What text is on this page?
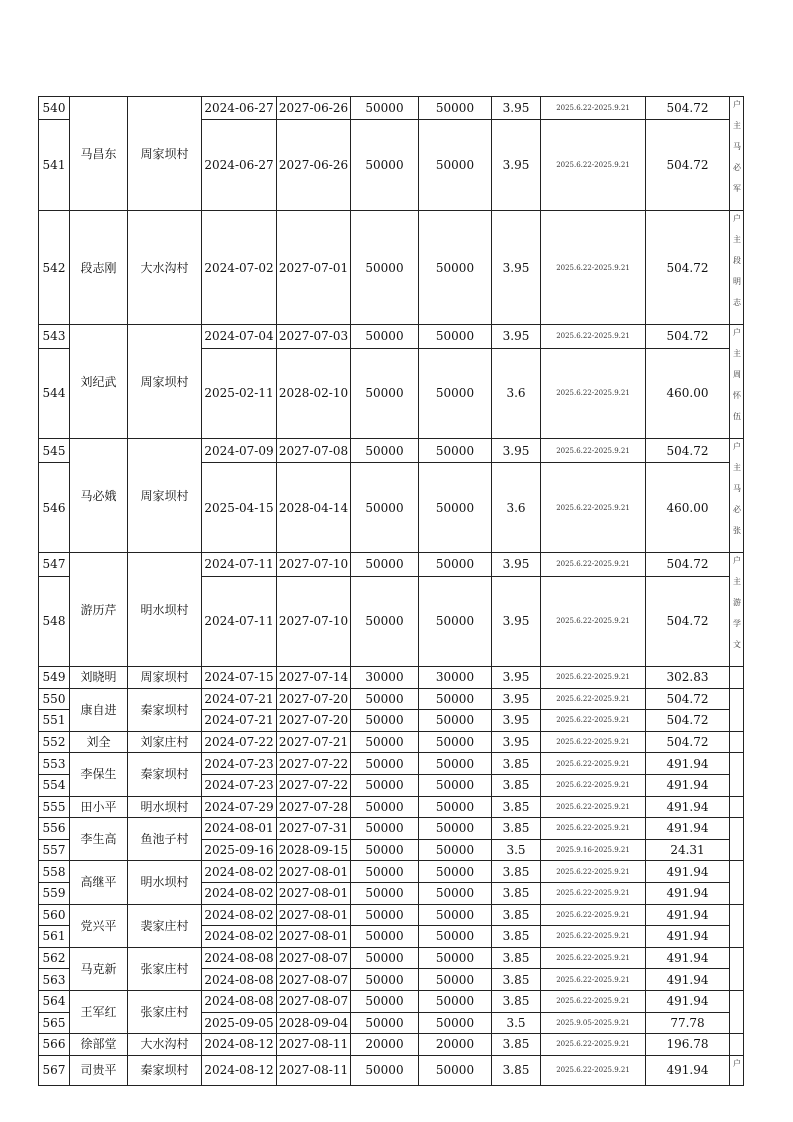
540	马昌东	周家坝村	2024-06-27	2027-06-26	50000	50000	3.95	2025.6.22-2025.9.21	504.72	户主马必军
541			2024-06-27	2027-06-26	50000	50000	3.95	2025.6.22-2025.9.21	504.72	
542	段志刚	大水沟村	2024-07-02	2027-07-01	50000	50000	3.95	2025.6.22-2025.9.21	504.72	户主段明志
543	刘纪武	周家坝村	2024-07-04	2027-07-03	50000	50000	3.95	2025.6.22-2025.9.21	504.72	户主周怀伍
544			2025-02-11	2028-02-10	50000	50000	3.6	2025.6.22-2025.9.21	460.00	
545	马必娥	周家坝村	2024-07-09	2027-07-08	50000	50000	3.95	2025.6.22-2025.9.21	504.72	户主马必张
546			2025-04-15	2028-04-14	50000	50000	3.6	2025.6.22-2025.9.21	460.00	
547	游历芹	明水坝村	2024-07-11	2027-07-10	50000	50000	3.95	2025.6.22-2025.9.21	504.72	户主游学文
548			2024-07-11	2027-07-10	50000	50000	3.95	2025.6.22-2025.9.21	504.72	
549	刘晓明	周家坝村	2024-07-15	2027-07-14	30000	30000	3.95	2025.6.22-2025.9.21	302.83	
550	康自进	秦家坝村	2024-07-21	2027-07-20	50000	50000	3.95	2025.6.22-2025.9.21	504.72	
551			2024-07-21	2027-07-20	50000	50000	3.95	2025.6.22-2025.9.21	504.72	
552	刘全	刘家庄村	2024-07-22	2027-07-21	50000	50000	3.95	2025.6.22-2025.9.21	504.72	
553	李保生	秦家坝村	2024-07-23	2027-07-22	50000	50000	3.85	2025.6.22-2025.9.21	491.94	
554			2024-07-23	2027-07-22	50000	50000	3.85	2025.6.22-2025.9.21	491.94	
555	田小平	明水坝村	2024-07-29	2027-07-28	50000	50000	3.85	2025.6.22-2025.9.21	491.94	
556	李生高	鱼池子村	2024-08-01	2027-07-31	50000	50000	3.85	2025.6.22-2025.9.21	491.94	
557			2025-09-16	2028-09-15	50000	50000	3.5	2025.9.16-2025.9.21	24.31	
558	高继平	明水坝村	2024-08-02	2027-08-01	50000	50000	3.85	2025.6.22-2025.9.21	491.94	
559			2024-08-02	2027-08-01	50000	50000	3.85	2025.6.22-2025.9.21	491.94	
560	党兴平	裴家庄村	2024-08-02	2027-08-01	50000	50000	3.85	2025.6.22-2025.9.21	491.94	
561			2024-08-02	2027-08-01	50000	50000	3.85	2025.6.22-2025.9.21	491.94	
562	马克新	张家庄村	2024-08-08	2027-08-07	50000	50000	3.85	2025.6.22-2025.9.21	491.94	
563			2024-08-08	2027-08-07	50000	50000	3.85	2025.6.22-2025.9.21	491.94	
564	王军红	张家庄村	2024-08-08	2027-08-07	50000	50000	3.85	2025.6.22-2025.9.21	491.94	
565			2025-09-05	2028-09-04	50000	50000	3.5	2025.9.05-2025.9.21	77.78	
566	徐部堂	大水沟村	2024-08-12	2027-08-11	20000	20000	3.85	2025.6.22-2025.9.21	196.78	
567	司贵平	秦家坝村	2024-08-12	2027-08-11	50000	50000	3.85	2025.6.22-2025.9.21	491.94	户
